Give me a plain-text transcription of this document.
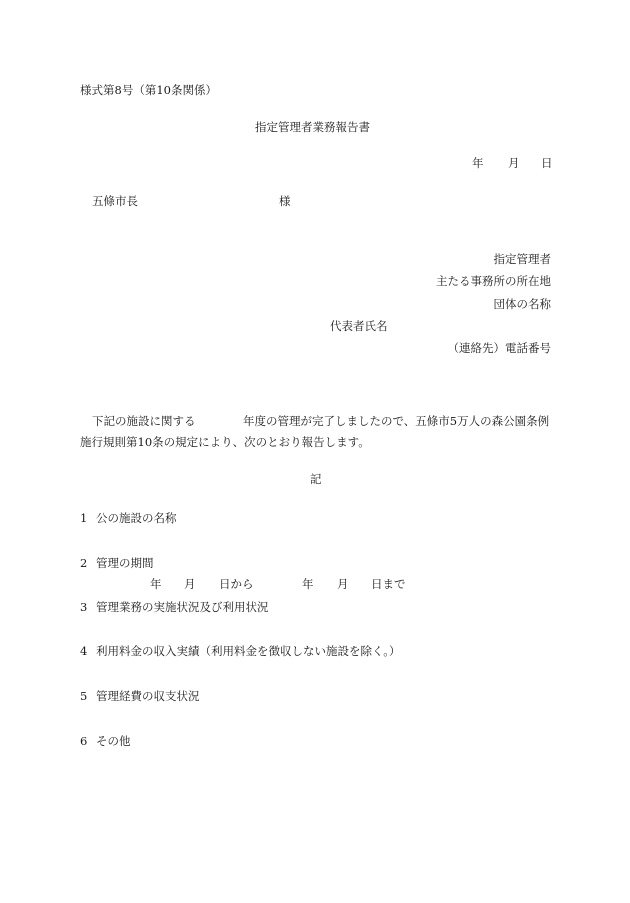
様式第8号（第10条関係）
指定管理者業務報告書
年 月 日
五條市長	様
指定管理者
主たる事務所の所在地
団体の名称
代表者氏名
（連絡先）電話番号
下記の施設に関する	年度の管理が完了しましたので、五條市5万人の森公園条例
施行規則第10条の規定により、次のとおり報告します。
記
1 公の施設の名称
2 管理の期間
年 月 日から	年 月 日まで
3 管理業務の実施状況及び利用状況
4 利用料金の収入実績（利用料金を徴収しない施設を除く。）
5 管理経費の収支状況
6 その他
